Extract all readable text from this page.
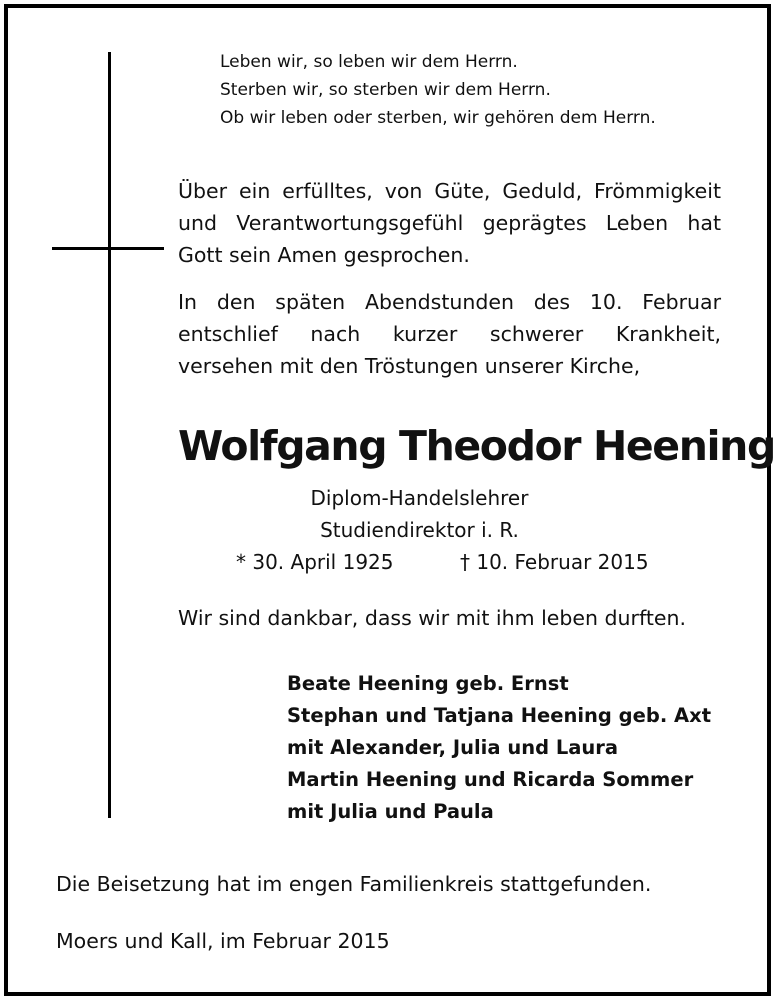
Leben wir, so leben wir dem Herrn.
Sterben wir, so sterben wir dem Herrn.
Ob wir leben oder sterben, wir gehören dem Herrn.
Über ein erfülltes, von Güte, Geduld, Frömmigkeit
und Verantwortungsgefühl geprägtes Leben hat
Gott sein Amen gesprochen.
In den späten Abendstunden des 10. Februar
entschlief nach kurzer schwerer Krankheit,
versehen mit den Tröstungen unserer Kirche,
Wolfgang Theodor Heening
Diplom-Handelslehrer
Studiendirektor i. R.
* 30. April 1925	† 10. Februar 2015
Wir sind dankbar, dass wir mit ihm leben durften.
Beate Heening geb. Ernst
Stephan und Tatjana Heening geb. Axt
mit Alexander, Julia und Laura
Martin Heening und Ricarda Sommer
mit Julia und Paula
Die Beisetzung hat im engen Familienkreis stattgefunden.
Moers und Kall, im Februar 2015
